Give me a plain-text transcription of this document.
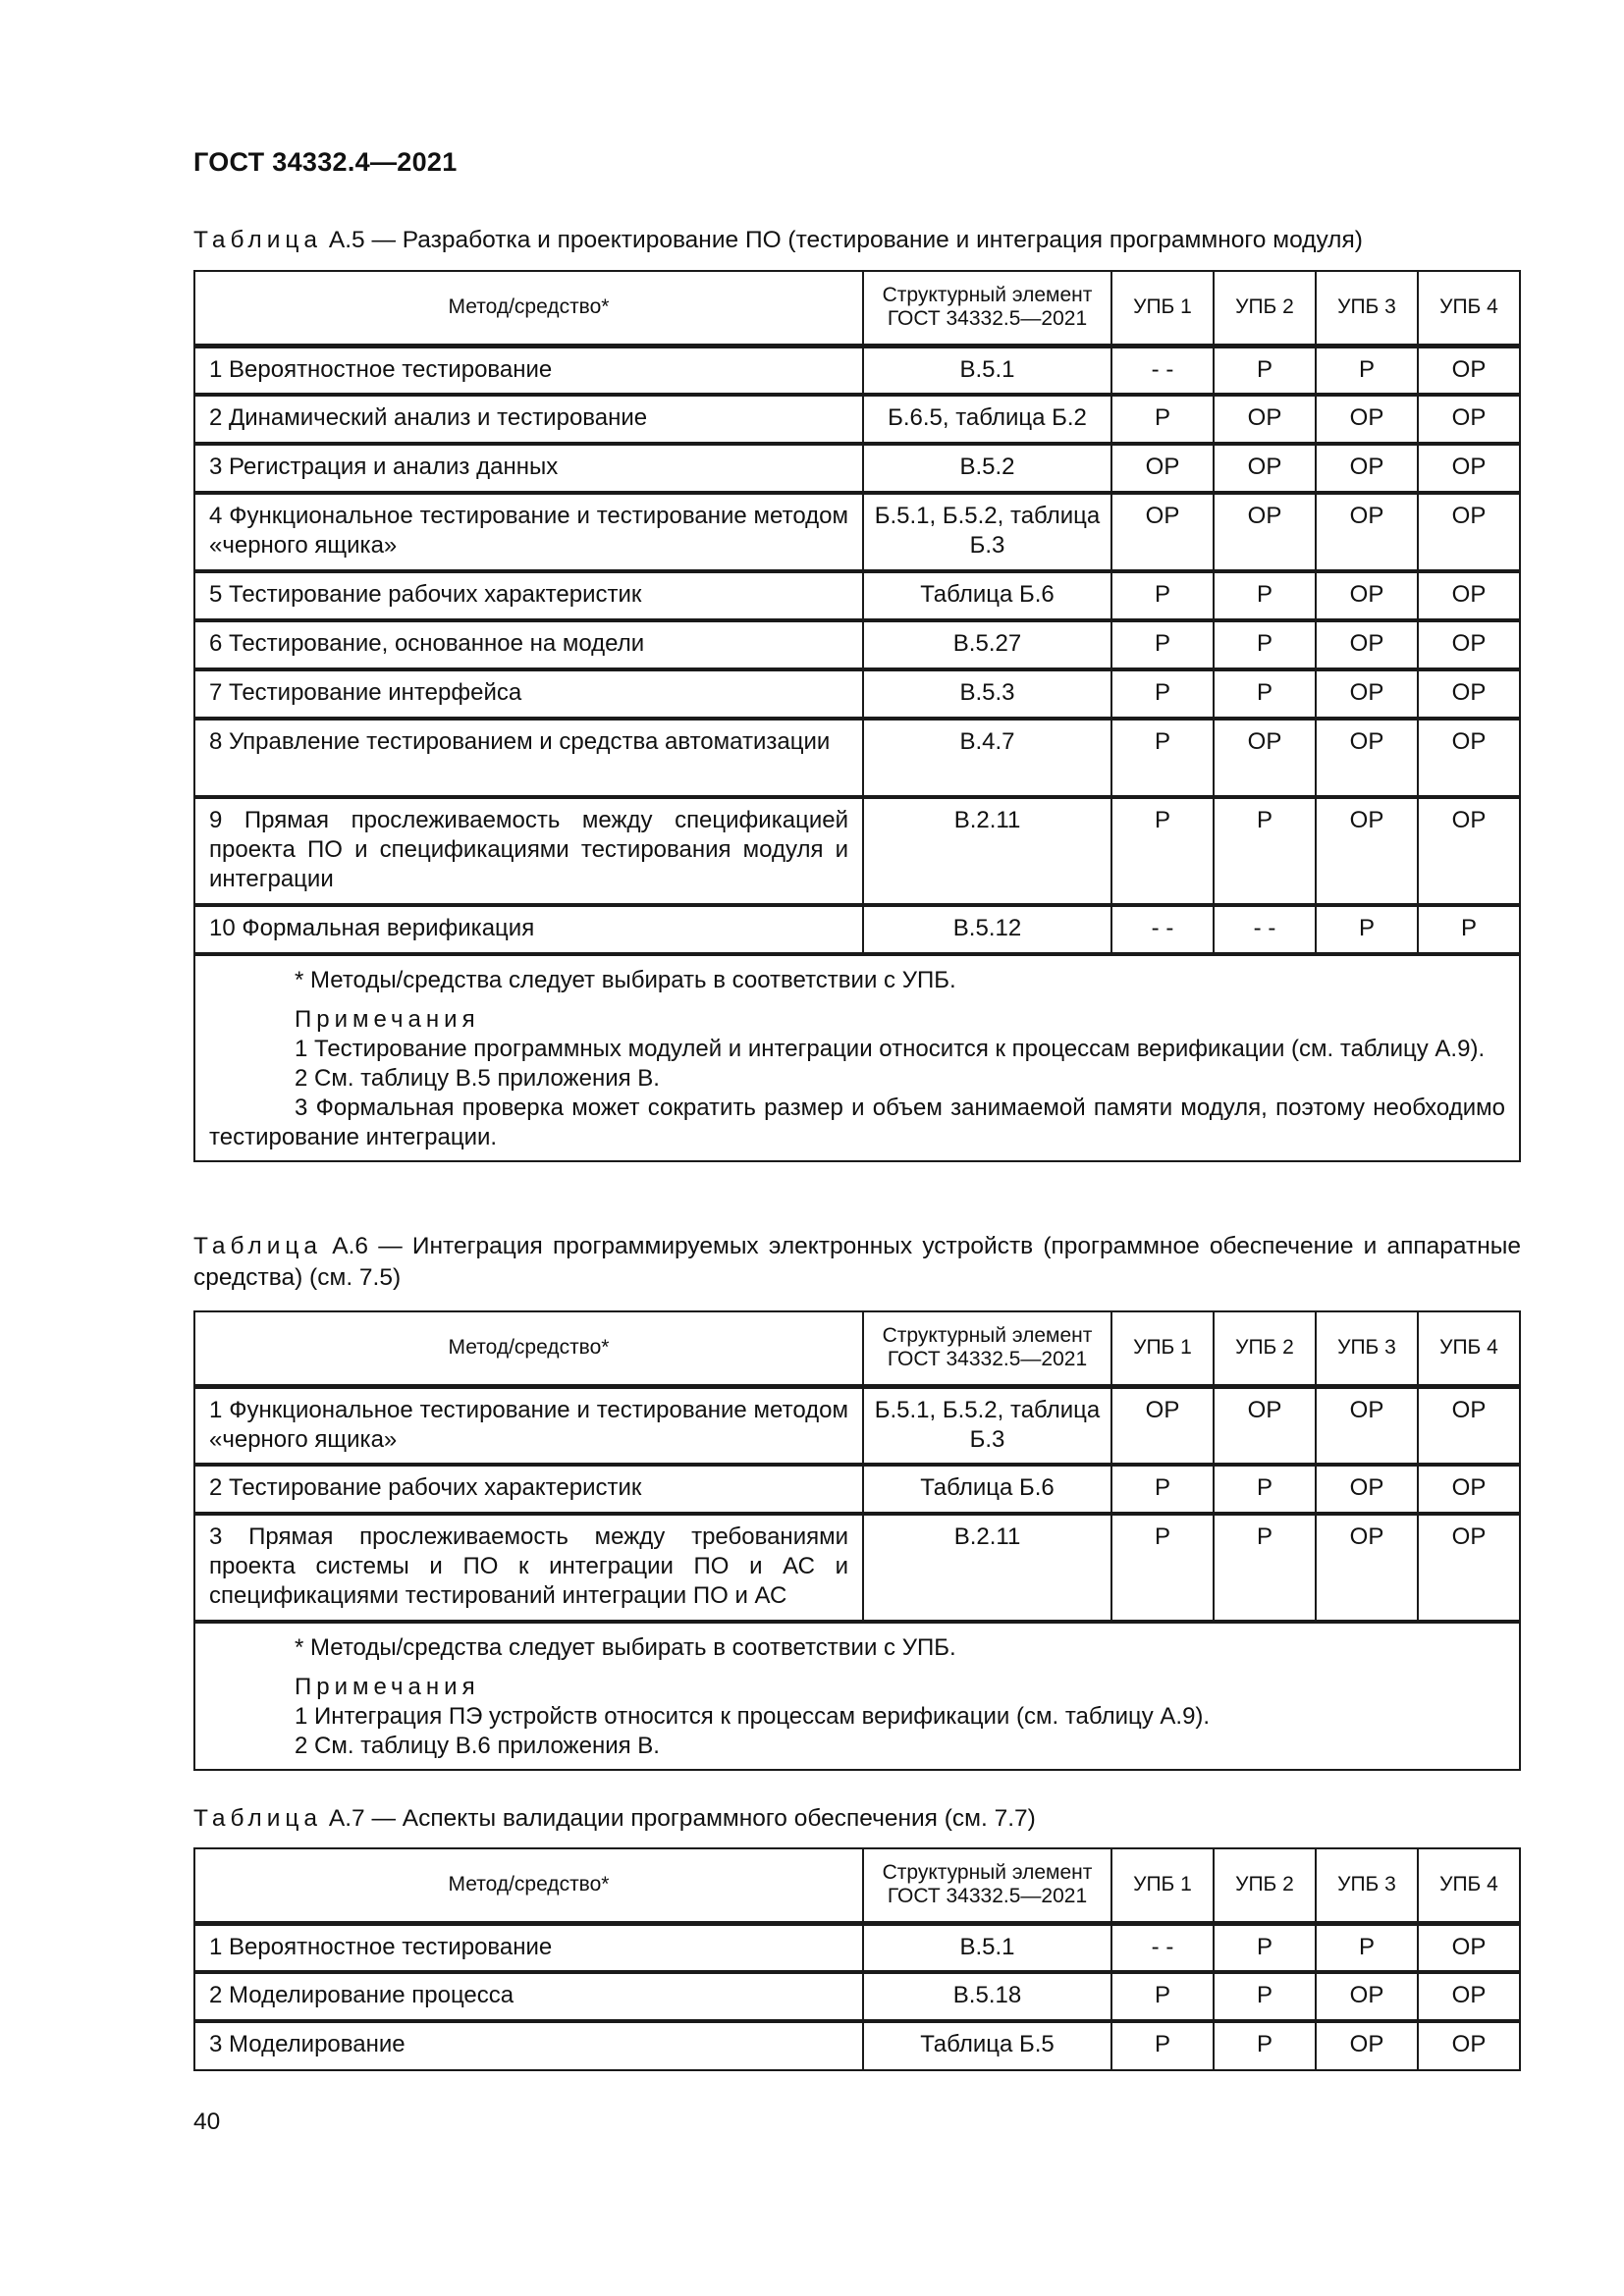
ГОСТ 34332.4—2021
Таблица А.5 — Разработка и проектирование ПО (тестирование и интеграция программного модуля)
Метод/средство*	Структурный элемент ГОСТ 34332.5—2021	УПБ 1	УПБ 2	УПБ 3	УПБ 4
1 Вероятностное тестирование	В.5.1	- -	Р	Р	ОР
2 Динамический анализ и тестирование	Б.6.5, таблица Б.2	Р	ОР	ОР	ОР
3 Регистрация и анализ данных	В.5.2	ОР	ОР	ОР	ОР
4 Функциональное тестирование и тестирование методом «черного ящика»	Б.5.1, Б.5.2, таблица Б.3	ОР	ОР	ОР	ОР
5 Тестирование рабочих характеристик	Таблица Б.6	Р	Р	ОР	ОР
6 Тестирование, основанное на модели	В.5.27	Р	Р	ОР	ОР
7 Тестирование интерфейса	В.5.3	Р	Р	ОР	ОР
8 Управление тестированием и средства автоматизации	В.4.7	Р	ОР	ОР	ОР
9 Прямая прослеживаемость между спецификацией проекта ПО и спецификациями тестирования модуля и интеграции	В.2.11	Р	Р	ОР	ОР
10 Формальная верификация	В.5.12	- -	- -	Р	Р

* Методы/средства следует выбирать в соответствии с УПБ.
Примечания
1 Тестирование программных модулей и интеграции относится к процессам верификации (см. таблицу А.9).
2 См. таблицу В.5 приложения В.
3 Формальная проверка может сократить размер и объем занимаемой памяти модуля, поэтому необходимо тестирование интеграции.					
Таблица А.6 — Интеграция программируемых электронных устройств (программное обеспечение и аппаратные средства) (см. 7.5)
Метод/средство*	Структурный элемент ГОСТ 34332.5—2021	УПБ 1	УПБ 2	УПБ 3	УПБ 4
1 Функциональное тестирование и тестирование методом «черного ящика»	Б.5.1, Б.5.2, таблица Б.3	ОР	ОР	ОР	ОР
2 Тестирование рабочих характеристик	Таблица Б.6	Р	Р	ОР	ОР
3 Прямая прослеживаемость между требованиями проекта системы и ПО к интеграции ПО и АС и спецификациями тестирований интеграции ПО и АС	В.2.11	Р	Р	ОР	ОР

* Методы/средства следует выбирать в соответствии с УПБ.
Примечания
1 Интеграция ПЭ устройств относится к процессам верификации (см. таблицу А.9).
2 См. таблицу В.6 приложения В.					
Таблица А.7 — Аспекты валидации программного обеспечения (см. 7.7)
Метод/средство*	Структурный элемент ГОСТ 34332.5—2021	УПБ 1	УПБ 2	УПБ 3	УПБ 4
1 Вероятностное тестирование	В.5.1	- -	Р	Р	ОР
2 Моделирование процесса	В.5.18	Р	Р	ОР	ОР
3 Моделирование	Таблица Б.5	Р	Р	ОР	ОР
40
